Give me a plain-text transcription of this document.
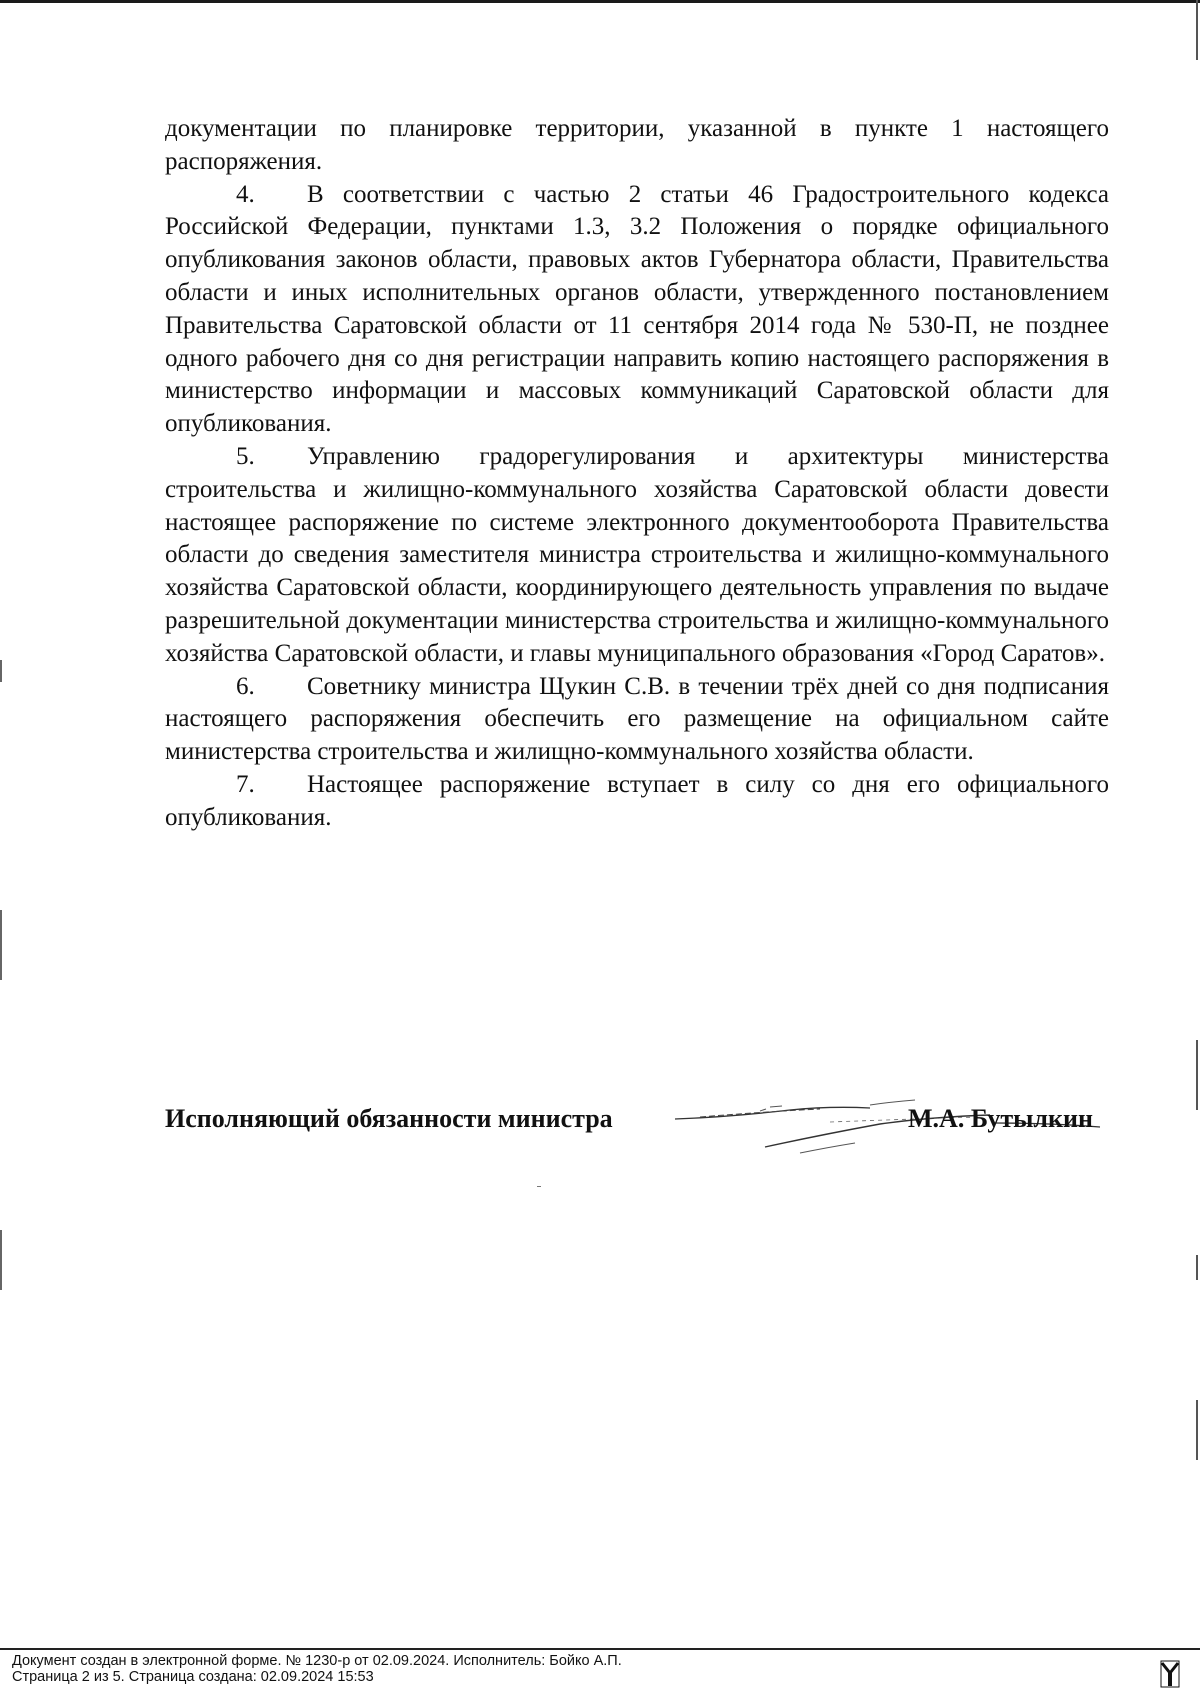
документации по планировке территории, указанной в пункте 1 настоящего распоряжения.

4. В соответствии с частью 2 статьи 46 Градостроительного кодекса Российской Федерации, пунктами 1.3, 3.2 Положения о порядке официального опубликования законов области, правовых актов Губернатора области, Правительства области и иных исполнительных органов области, утвержденного постановлением Правительства Саратовской области от 11 сентября 2014 года № 530-П, не позднее одного рабочего дня со дня регистрации направить копию настоящего распоряжения в министерство информации и массовых коммуникаций Саратовской области для опубликования.

5. Управлению градорегулирования и архитектуры министерства строительства и жилищно-коммунального хозяйства Саратовской области довести настоящее распоряжение по системе электронного документооборота Правительства области до сведения заместителя министра строительства и жилищно-коммунального хозяйства Саратовской области, координирующего деятельность управления по выдаче разрешительной документации министерства строительства и жилищно-коммунального хозяйства Саратовской области, и главы муниципального образования «Город Саратов».

6. Советнику министра Щукин С.В. в течении трёх дней со дня подписания настоящего распоряжения обеспечить его размещение на официальном сайте министерства строительства и жилищно-коммунального хозяйства области.

7. Настоящее распоряжение вступает в силу со дня его официального опубликования.

Исполняющий обязанности министра	М.А. Бутылкин
Документ создан в электронной форме. № 1230-р от 02.09.2024. Исполнитель: Бойко А.П.
Страница 2 из 5. Страница создана: 02.09.2024 15:53
